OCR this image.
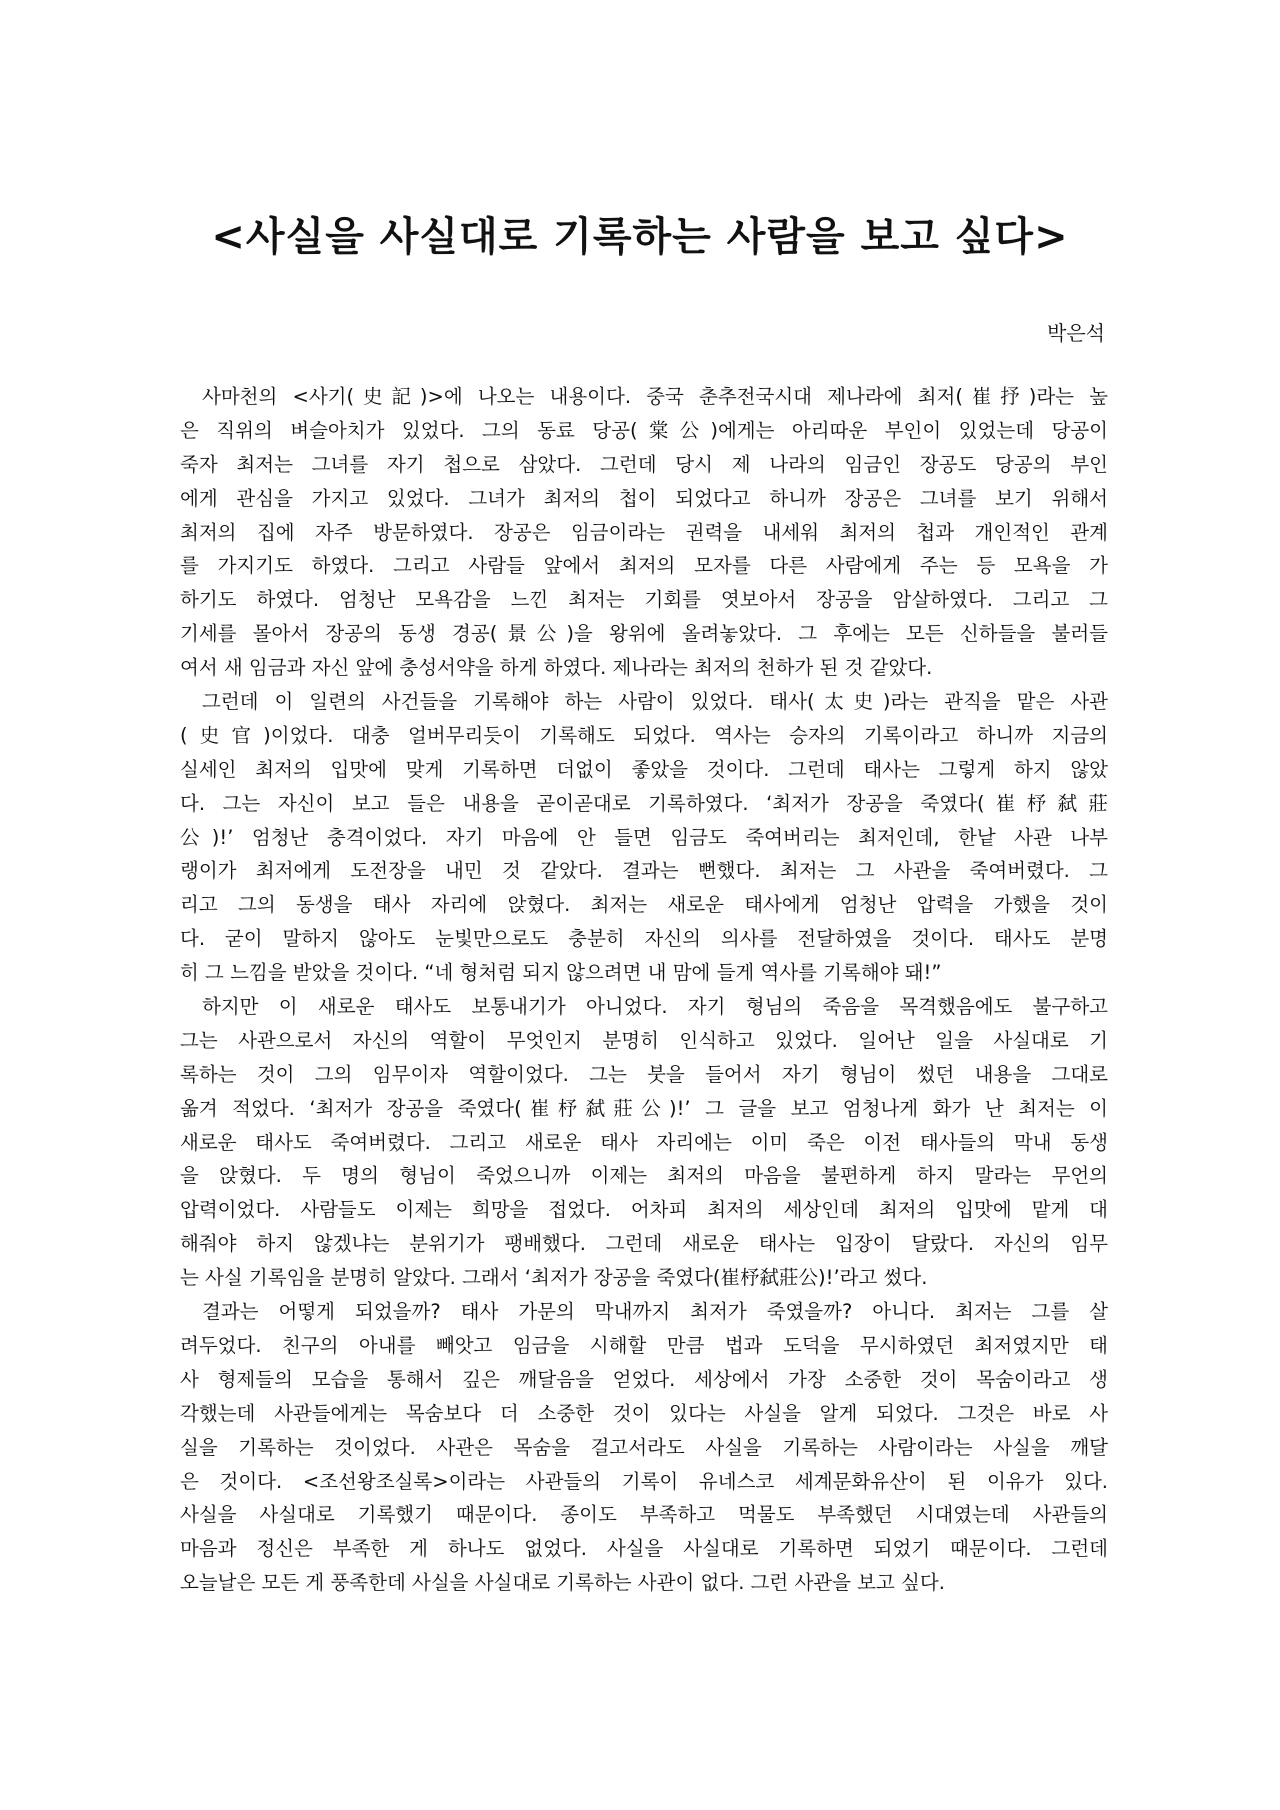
<사실을 사실대로 기록하는 사람을 보고 싶다>
박은석
사마천의 <사기(史記)>에 나오는 내용이다. 중국 춘추전국시대 제나라에 최저(崔抒)라는 높
은 직위의 벼슬아치가 있었다. 그의 동료 당공(棠公)에게는 아리따운 부인이 있었는데 당공이
죽자 최저는 그녀를 자기 첩으로 삼았다. 그런데 당시 제 나라의 임금인 장공도 당공의 부인
에게 관심을 가지고 있었다. 그녀가 최저의 첩이 되었다고 하니까 장공은 그녀를 보기 위해서
최저의 집에 자주 방문하였다. 장공은 임금이라는 권력을 내세워 최저의 첩과 개인적인 관계
를 가지기도 하였다. 그리고 사람들 앞에서 최저의 모자를 다른 사람에게 주는 등 모욕을 가
하기도 하였다. 엄청난 모욕감을 느낀 최저는 기회를 엿보아서 장공을 암살하였다. 그리고 그
기세를 몰아서 장공의 동생 경공(景公)을 왕위에 올려놓았다. 그 후에는 모든 신하들을 불러들
여서 새 임금과 자신 앞에 충성서약을 하게 하였다. 제나라는 최저의 천하가 된 것 같았다.
그런데 이 일련의 사건들을 기록해야 하는 사람이 있었다. 태사(太史)라는 관직을 맡은 사관
(史官)이었다. 대충 얼버무리듯이 기록해도 되었다. 역사는 승자의 기록이라고 하니까 지금의
실세인 최저의 입맛에 맞게 기록하면 더없이 좋았을 것이다. 그런데 태사는 그렇게 하지 않았
다. 그는 자신이 보고 들은 내용을 곧이곧대로 기록하였다. ‘최저가 장공을 죽였다(崔杼弑莊
公)!’ 엄청난 충격이었다. 자기 마음에 안 들면 임금도 죽여버리는 최저인데, 한낱 사관 나부
랭이가 최저에게 도전장을 내민 것 같았다. 결과는 뻔했다. 최저는 그 사관을 죽여버렸다. 그
리고 그의 동생을 태사 자리에 앉혔다. 최저는 새로운 태사에게 엄청난 압력을 가했을 것이
다. 굳이 말하지 않아도 눈빛만으로도 충분히 자신의 의사를 전달하였을 것이다. 태사도 분명
히 그 느낌을 받았을 것이다. “네 형처럼 되지 않으려면 내 맘에 들게 역사를 기록해야 돼!”
하지만 이 새로운 태사도 보통내기가 아니었다. 자기 형님의 죽음을 목격했음에도 불구하고
그는 사관으로서 자신의 역할이 무엇인지 분명히 인식하고 있었다. 일어난 일을 사실대로 기
록하는 것이 그의 임무이자 역할이었다. 그는 붓을 들어서 자기 형님이 썼던 내용을 그대로
옮겨 적었다. ‘최저가 장공을 죽였다(崔杼弑莊公)!’ 그 글을 보고 엄청나게 화가 난 최저는 이
새로운 태사도 죽여버렸다. 그리고 새로운 태사 자리에는 이미 죽은 이전 태사들의 막내 동생
을 앉혔다. 두 명의 형님이 죽었으니까 이제는 최저의 마음을 불편하게 하지 말라는 무언의
압력이었다. 사람들도 이제는 희망을 접었다. 어차피 최저의 세상인데 최저의 입맛에 맡게 대
해줘야 하지 않겠냐는 분위기가 팽배했다. 그런데 새로운 태사는 입장이 달랐다. 자신의 임무
는 사실 기록임을 분명히 알았다. 그래서 ‘최저가 장공을 죽였다(崔杼弑莊公)!’라고 썼다.
결과는 어떻게 되었을까? 태사 가문의 막내까지 최저가 죽였을까? 아니다. 최저는 그를 살
려두었다. 친구의 아내를 빼앗고 임금을 시해할 만큼 법과 도덕을 무시하였던 최저였지만 태
사 형제들의 모습을 통해서 깊은 깨달음을 얻었다. 세상에서 가장 소중한 것이 목숨이라고 생
각했는데 사관들에게는 목숨보다 더 소중한 것이 있다는 사실을 알게 되었다. 그것은 바로 사
실을 기록하는 것이었다. 사관은 목숨을 걸고서라도 사실을 기록하는 사람이라는 사실을 깨달
은 것이다. <조선왕조실록>이라는 사관들의 기록이 유네스코 세계문화유산이 된 이유가 있다.
사실을 사실대로 기록했기 때문이다. 종이도 부족하고 먹물도 부족했던 시대였는데 사관들의
마음과 정신은 부족한 게 하나도 없었다. 사실을 사실대로 기록하면 되었기 때문이다. 그런데
오늘날은 모든 게 풍족한데 사실을 사실대로 기록하는 사관이 없다. 그런 사관을 보고 싶다.
